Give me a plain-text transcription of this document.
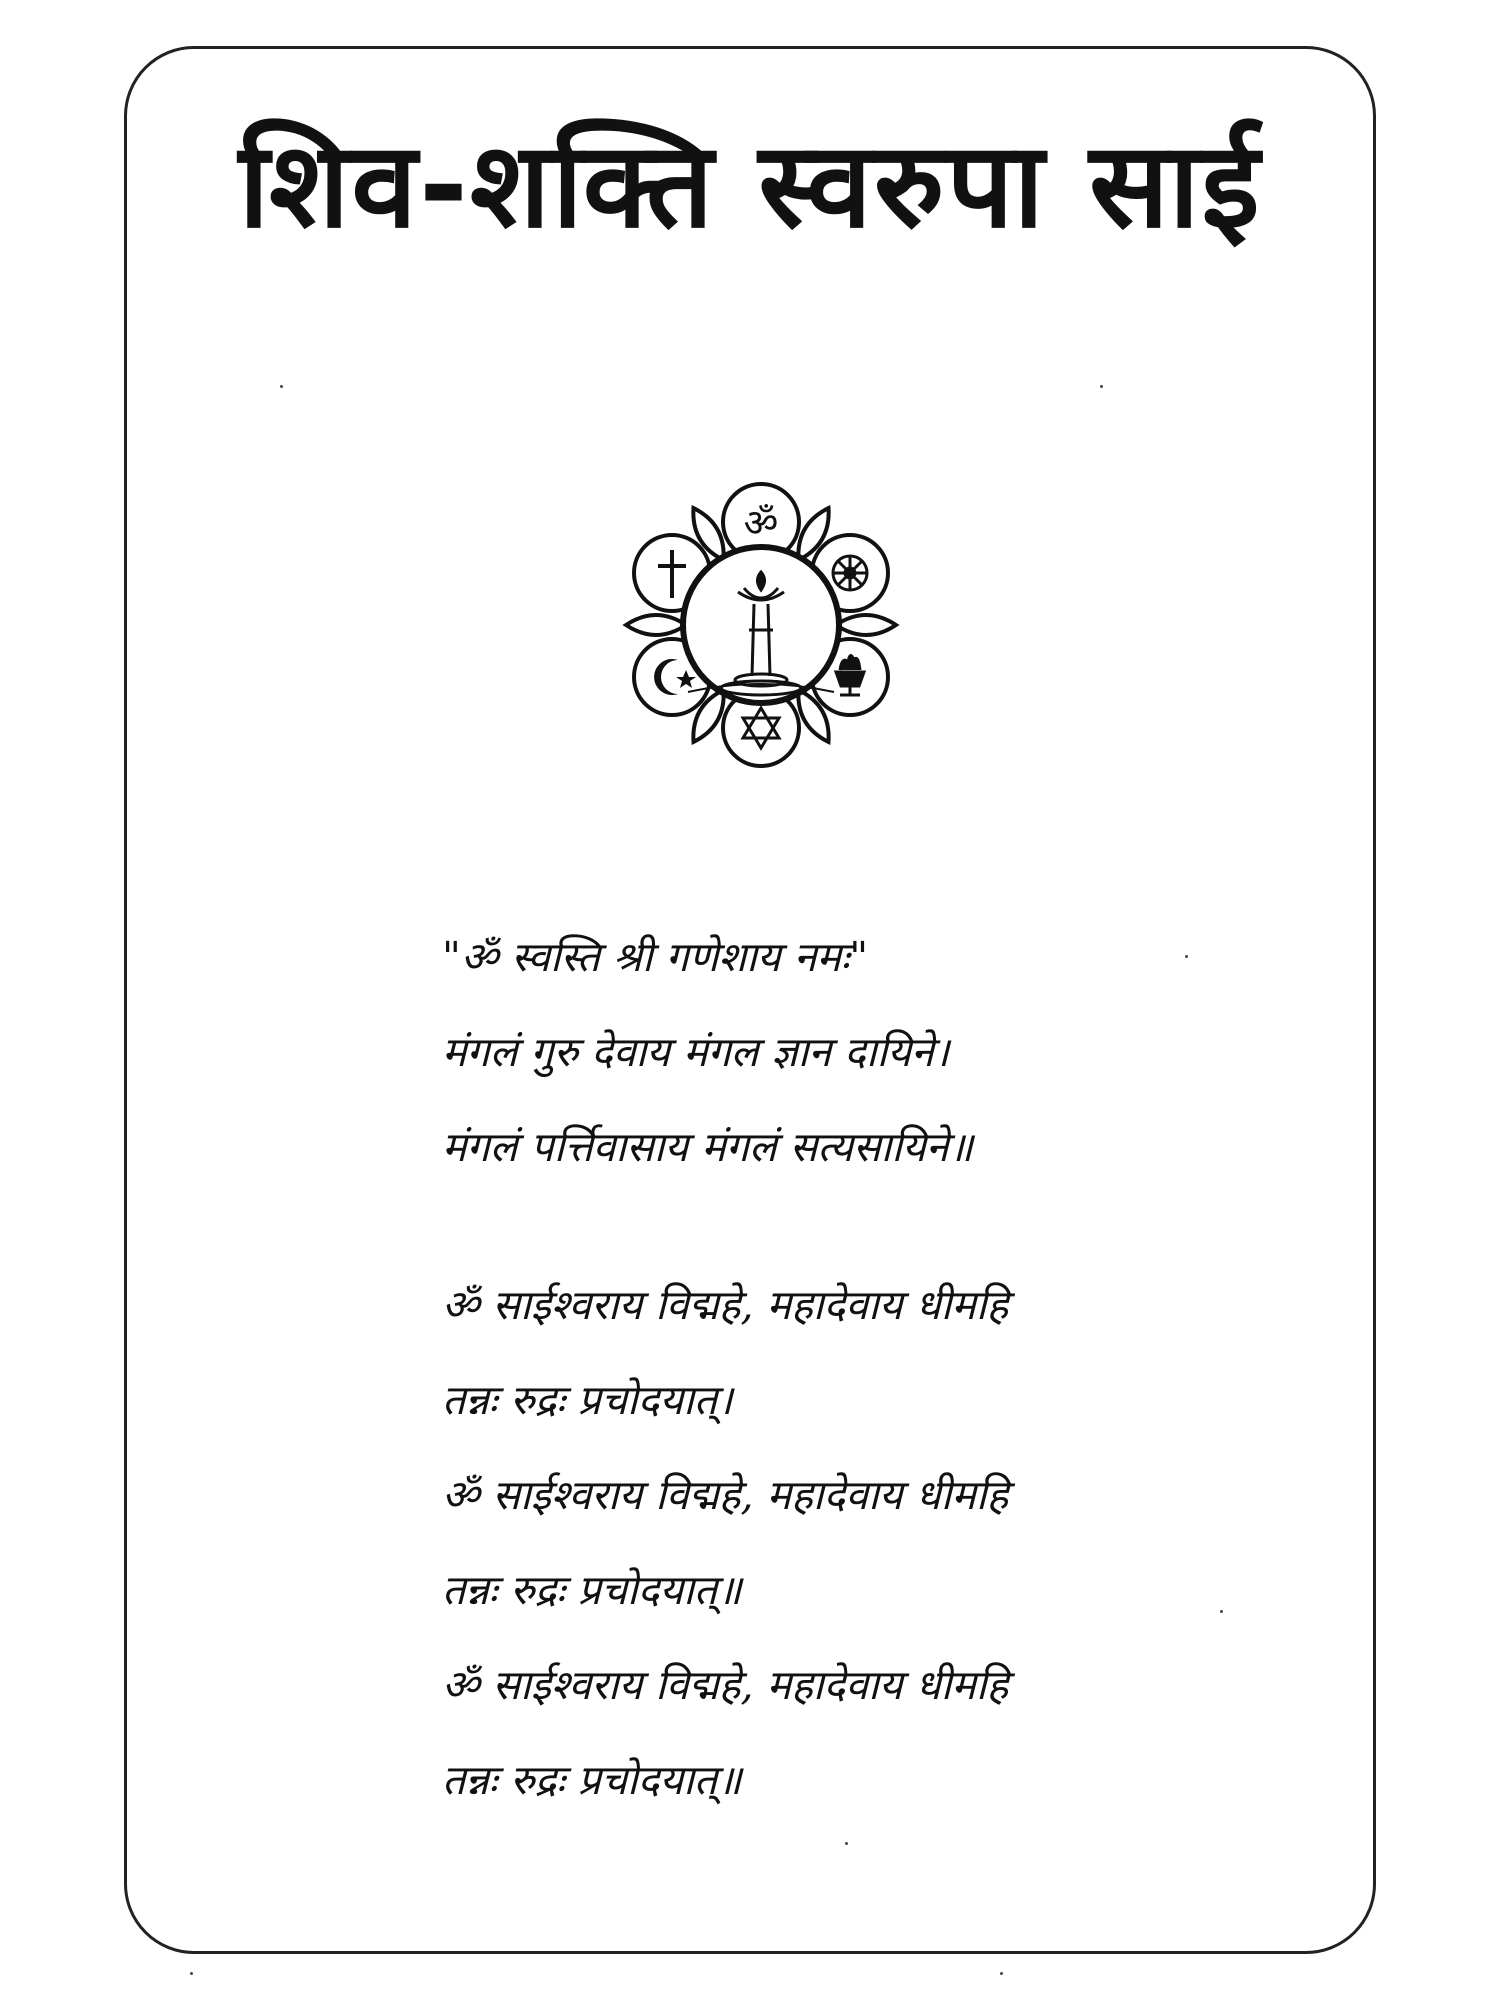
शिव-शक्ति स्वरुपा साई
ॐ
"ॐ स्वस्ति श्री गणेशाय नमः"
मंगलं गुरु देवाय मंगल ज्ञान दायिने।
मंगलं पर्त्तिवासाय मंगलं सत्यसायिने॥
ॐ साईश्वराय विद्महे, महादेवाय धीमहि
तन्नः रुद्रः प्रचोदयात्।
ॐ साईश्वराय विद्महे, महादेवाय धीमहि
तन्नः रुद्रः प्रचोदयात्॥
ॐ साईश्वराय विद्महे, महादेवाय धीमहि
तन्नः रुद्रः प्रचोदयात्॥
